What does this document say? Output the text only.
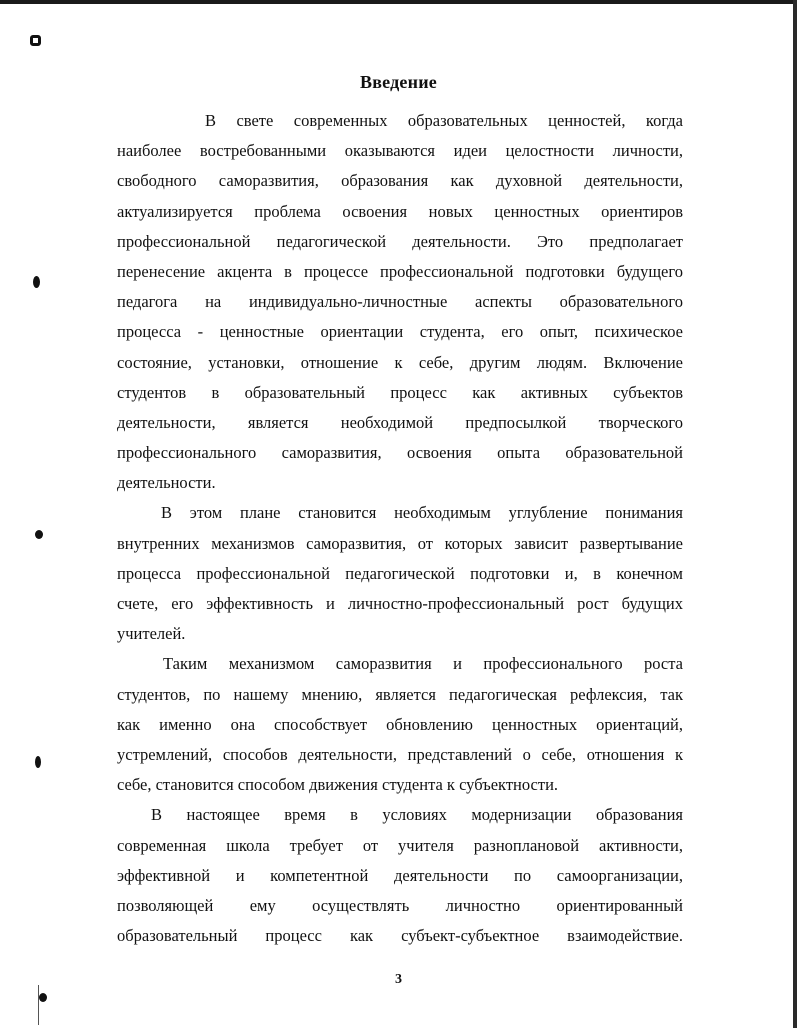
Введение

В свете современных образовательных ценностей, когда
наиболее востребованными оказываются идеи целостности личности,
свободного саморазвития, образования как духовной деятельности,
актуализируется проблема освоения новых ценностных ориентиров
профессиональной педагогической деятельности. Это предполагает
перенесение акцента в процессе профессиональной подготовки будущего
педагога на индивидуально-личностные аспекты образовательного
процесса - ценностные ориентации студента, его опыт, психическое
состояние, установки, отношение к себе, другим людям. Включение
студентов в образовательный процесс как активных субъектов
деятельности, является необходимой предпосылкой творческого
профессионального саморазвития, освоения опыта образовательной
деятельности.

В этом плане становится необходимым углубление понимания
внутренних механизмов саморазвития, от которых зависит развертывание
процесса профессиональной педагогической подготовки и, в конечном
счете, его эффективность и личностно-профессиональный рост будущих
учителей.

Таким механизмом саморазвития и профессионального роста
студентов, по нашему мнению, является педагогическая рефлексия, так
как именно она способствует обновлению ценностных ориентаций,
устремлений, способов деятельности, представлений о себе, отношения к
себе, становится способом движения студента к субъектности.

В настоящее время в условиях модернизации образования
современная школа требует от учителя разноплановой активности,
эффективной и компетентной деятельности по самоорганизации,
позволяющей ему осуществлять личностно ориентированный
образовательный процесс как субъект-субъектное взаимодействие.

3
